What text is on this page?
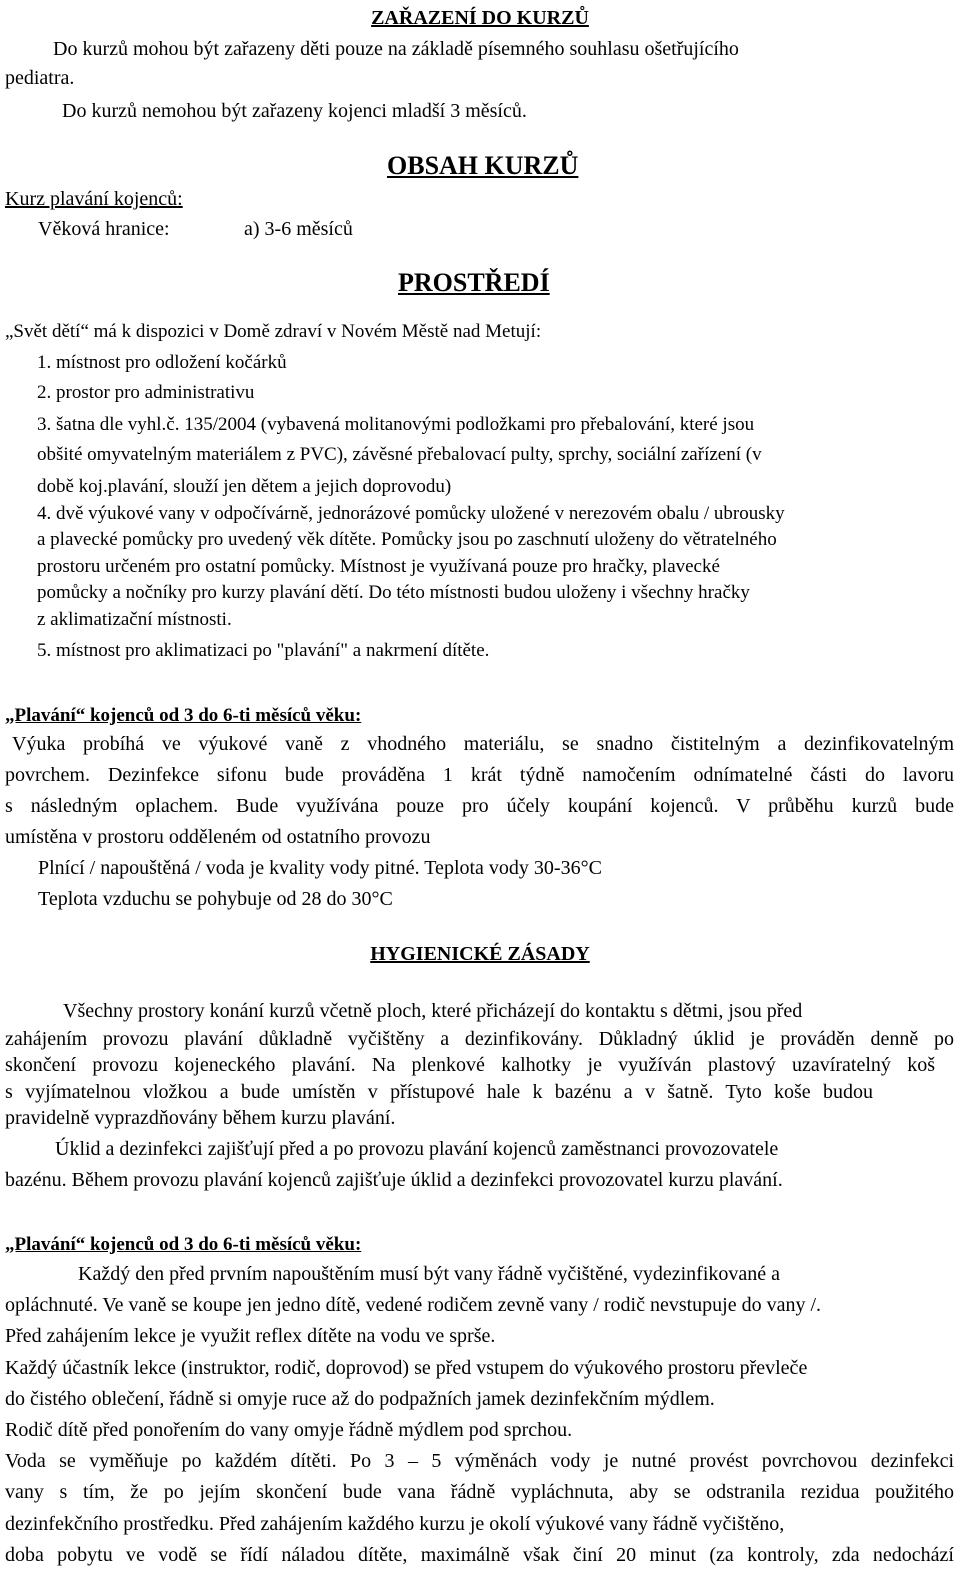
ZAŘAZENÍ DO KURZŮ
Do kurzů mohou být zařazeny děti pouze na základě písemného souhlasu ošetřujícího
pediatra.
Do kurzů nemohou být zařazeny kojenci mladší 3 měsíců.
OBSAH KURZŮ
Kurz plavání kojenců:
Věková hranice:	a) 3-6 měsíců
PROSTŘEDÍ
„Svět dětí“ má k dispozici v Domě zdraví v Novém Městě nad Metují:
1. místnost pro odložení kočárků
2. prostor pro administrativu
3. šatna dle vyhl.č. 135/2004 (vybavená molitanovými podložkami pro přebalování, které jsou
obšité omyvatelným materiálem z PVC), závěsné přebalovací pulty, sprchy, sociální zařízení (v
době koj.plavání, slouží jen dětem a jejich doprovodu)
4. dvě výukové vany v odpočívárně, jednorázové pomůcky uložené v nerezovém obalu / ubrousky
a plavecké pomůcky pro uvedený věk dítěte. Pomůcky jsou po zaschnutí uloženy do větratelného
prostoru určeném pro ostatní pomůcky. Místnost je využívaná pouze pro hračky, plavecké
pomůcky a nočníky pro kurzy plavání dětí. Do této místnosti budou uloženy i všechny hračky
z aklimatizační místnosti.
5. místnost pro aklimatizaci po "plavání" a nakrmení dítěte.
„Plavání“ kojenců od 3 do 6-ti měsíců věku:
Výuka probíhá ve výukové vaně z vhodného materiálu, se snadno čistitelným a dezinfikovatelným
povrchem. Dezinfekce sifonu bude prováděna 1 krát týdně namočením odnímatelné části do lavoru
s následným oplachem. Bude využívána pouze pro účely koupání kojenců. V průběhu kurzů bude
umístěna v prostoru odděleném od ostatního provozu
Plnící / napouštěná / voda je kvality vody pitné. Teplota vody 30-36°C
Teplota vzduchu se pohybuje od 28 do 30°C
HYGIENICKÉ ZÁSADY
Všechny prostory konání kurzů včetně ploch, které přicházejí do kontaktu s dětmi, jsou před
zahájením provozu plavání důkladně vyčištěny a dezinfikovány. Důkladný úklid je prováděn denně po
skončení provozu kojeneckého plavání. Na plenkové kalhotky je využíván plastový uzavíratelný koš
s vyjímatelnou vložkou a bude umístěn v přístupové hale k bazénu a v šatně. Tyto koše budou
pravidelně vyprazdňovány během kurzu plavání.
Úklid a dezinfekci zajišťují před a po provozu plavání kojenců zaměstnanci provozovatele
bazénu. Během provozu plavání kojenců zajišťuje úklid a dezinfekci provozovatel kurzu plavání.
„Plavání“ kojenců od 3 do 6-ti měsíců věku:
Každý den před prvním napouštěním musí být vany řádně vyčištěné, vydezinfikované a
opláchnuté. Ve vaně se koupe jen jedno dítě, vedené rodičem zevně vany / rodič nevstupuje do vany /.
Před zahájením lekce je využit reflex dítěte na vodu ve sprše.
Každý účastník lekce (instruktor, rodič, doprovod) se před vstupem do výukového prostoru převleče
do čistého oblečení, řádně si omyje ruce až do podpažních jamek dezinfekčním mýdlem.
Rodič dítě před ponořením do vany omyje řádně mýdlem pod sprchou.
Voda se vyměňuje po každém dítěti. Po 3 – 5 výměnách vody je nutné provést povrchovou dezinfekci
vany s tím, že po jejím skončení bude vana řádně vypláchnuta, aby se odstranila rezidua použitého
dezinfekčního prostředku. Před zahájením každého kurzu je okolí výukové vany řádně vyčištěno,
doba pobytu ve vodě se řídí náladou dítěte, maximálně však činí 20 minut (za kontroly, zda nedochází
